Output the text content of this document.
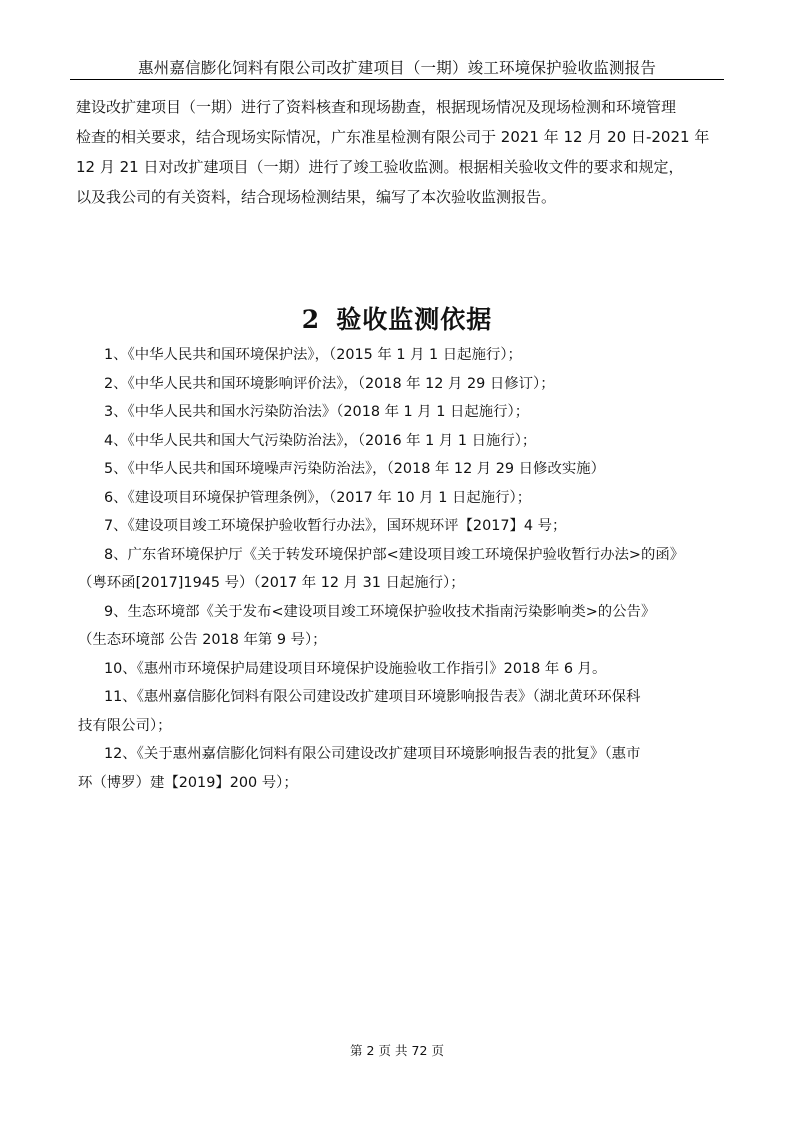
惠州嘉信膨化饲料有限公司改扩建项目（一期）竣工环境保护验收监测报告

建设改扩建项目（一期）进行了资料核查和现场勘查，根据现场情况及现场检测和环境管理

检查的相关要求，结合现场实际情况，广东准星检测有限公司于 2021 年 12 月 20 日-2021 年

12 月 21 日对改扩建项目（一期）进行了竣工验收监测。根据相关验收文件的要求和规定，

以及我公司的有关资料，结合现场检测结果，编写了本次验收监测报告。

2 验收监测依据

1、《中华人民共和国环境保护法》，（2015 年 1 月 1 日起施行）；

2、《中华人民共和国环境影响评价法》，（2018 年 12 月 29 日修订）；

3、《中华人民共和国水污染防治法》（2018 年 1 月 1 日起施行）；

4、《中华人民共和国大气污染防治法》，（2016 年 1 月 1 日施行）；

5、《中华人民共和国环境噪声污染防治法》，（2018 年 12 月 29 日修改实施）

6、《建设项目环境保护管理条例》，（2017 年 10 月 1 日起施行）；

7、《建设项目竣工环境保护验收暂行办法》，国环规环评【2017】4 号；

8、广东省环境保护厅《关于转发环境保护部<建设项目竣工环境保护验收暂行办法>的函》

（粤环函[2017]1945 号）（2017 年 12 月 31 日起施行）；

9、生态环境部《关于发布<建设项目竣工环境保护验收技术指南污染影响类>的公告》

（生态环境部 公告 2018 年第 9 号）；

10、《惠州市环境保护局建设项目环境保护设施验收工作指引》2018 年 6 月。

11、《惠州嘉信膨化饲料有限公司建设改扩建项目环境影响报告表》（湖北黄环环保科

技有限公司）；

12、《关于惠州嘉信膨化饲料有限公司建设改扩建项目环境影响报告表的批复》（惠市

环（博罗）建【2019】200 号）；

第 2 页 共 72 页
